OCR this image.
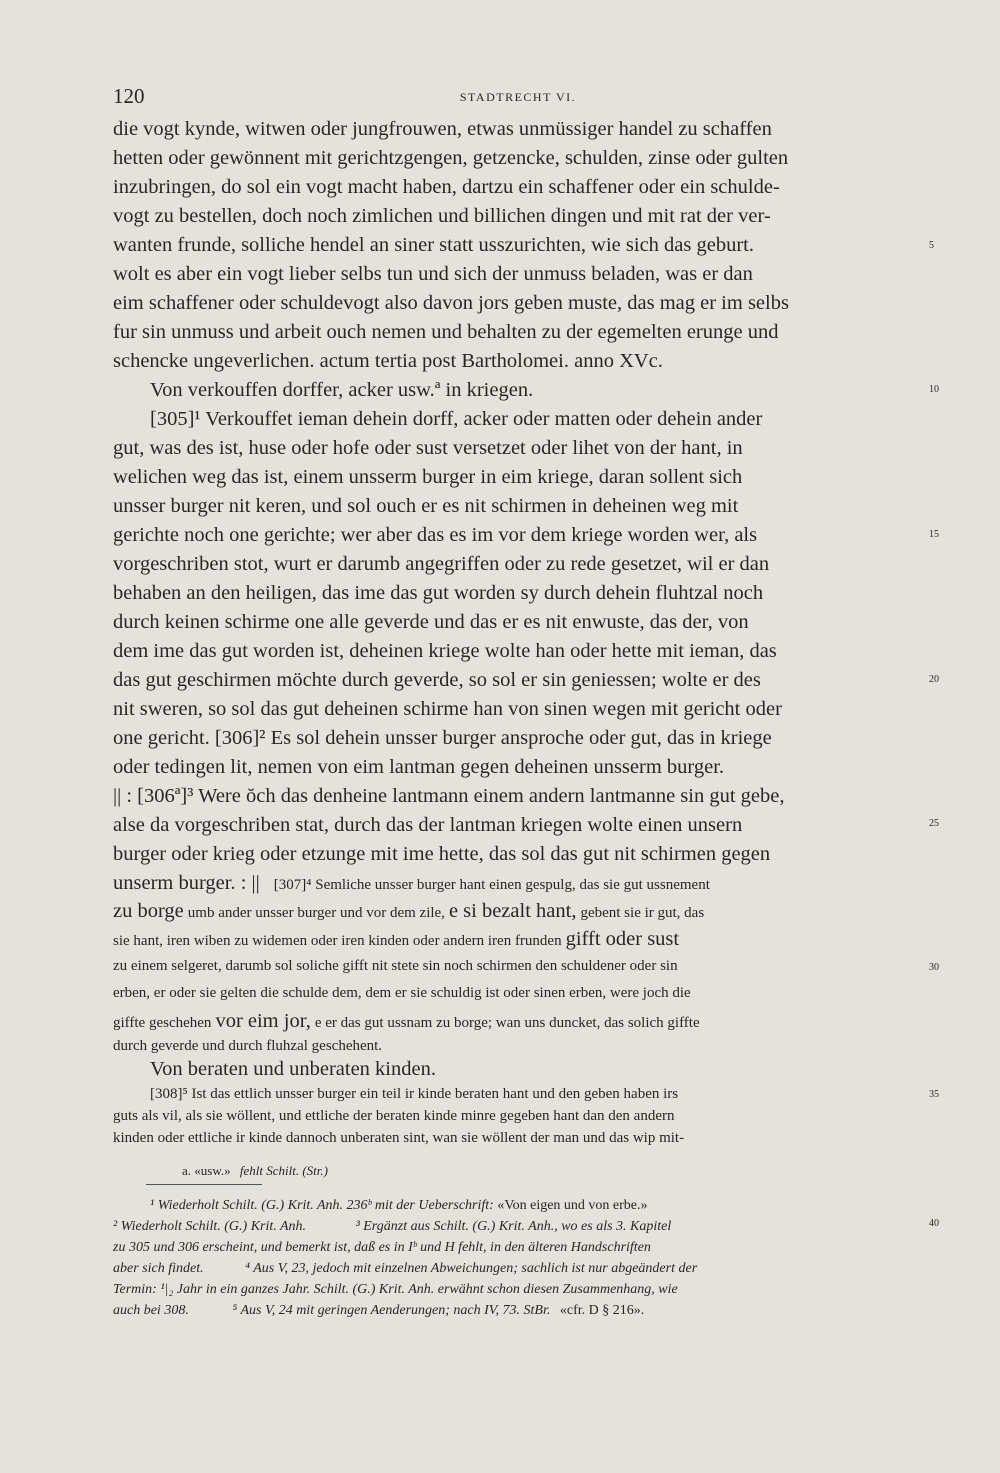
120	STADTRECHT VI.
die vogt kynde, witwen oder jungfrouwen, etwas unmüssiger handel zu schaffen
hetten oder gewönnent mit gerichtzgengen, getzencke, schulden, zinse oder gulten
inzubringen, do sol ein vogt macht haben, dartzu ein schaffener oder ein schulde-
vogt zu bestellen, doch noch zimlichen und billichen dingen und mit rat der ver-
wanten frunde, solliche hendel an siner statt usszurichten, wie sich das geburt.
wolt es aber ein vogt lieber selbs tun und sich der unmuss beladen, was er dan
eim schaffener oder schuldevogt also davon jors geben muste, das mag er im selbs
fur sin unmuss und arbeit ouch nemen und behalten zu der egemelten erunge und
schencke ungeverlichen. actum tertia post Bartholomei. anno XVc.
Von verkouffen dorffer, acker usw.ª in kriegen.
[305]¹ Verkouffet ieman dehein dorff, acker oder matten oder dehein ander
gut, was des ist, huse oder hofe oder sust versetzet oder lihet von der hant, in
welichen weg das ist, einem unsserm burger in eim kriege, daran sollent sich
unsser burger nit keren, und sol ouch er es nit schirmen in deheinen weg mit
gerichte noch one gerichte; wer aber das es im vor dem kriege worden wer, als
vorgeschriben stot, wurt er darumb angegriffen oder zu rede gesetzet, wil er dan
behaben an den heiligen, das ime das gut worden sy durch dehein fluhtzal noch
durch keinen schirme one alle geverde und das er es nit enwuste, das der, von
dem ime das gut worden ist, deheinen kriege wolte han oder hette mit ieman, das
das gut geschirmen möchte durch geverde, so sol er sin geniessen; wolte er des
nit sweren, so sol das gut deheinen schirme han von sinen wegen mit gericht oder
one gericht. [306]² Es sol dehein unsser burger ansproche oder gut, das in kriege
oder tedingen lit, nemen von eim lantman gegen deheinen unsserm burger.
|| : [306ª]³ Were ŏch das denheine lantmann einem andern lantmanne sin gut gebe,
alse da vorgeschriben stat, durch das der lantman kriegen wolte einen unsern
burger oder krieg oder etzunge mit ime hette, das sol das gut nit schirmen gegen
unserm burger. : || [307]⁴ Semliche unsser burger hant einen gespulg, das sie gut ussnement
zu borge umb ander unsser burger und vor dem zile, e si bezalt hant, gebent sie ir gut, das
sie hant, iren wiben zu widemen oder iren kinden oder andern iren frunden gifft oder sust
zu einem selgeret, darumb sol soliche gifft nit stete sin noch schirmen den schuldener oder sin
erben, er oder sie gelten die schulde dem, dem er sie schuldig ist oder sinen erben, were joch die
giffte geschehen vor eim jor, e er das gut ussnam zu borge; wan uns duncket, das solich giffte
durch geverde und durch fluhzal geschehent.
Von beraten und unberaten kinden.
[308]⁵ Ist das ettlich unsser burger ein teil ir kinde beraten hant und den geben haben irs
guts als vil, als sie wöllent, und ettliche der beraten kinde minre gegeben hant dan den andern
kinden oder ettliche ir kinde dannoch unberaten sint, wan sie wöllent der man und das wip mit-
a. «usw.» fehlt Schilt. (Str.)
¹ Wiederholt Schilt. (G.) Krit. Anh. 236ᵇ mit der Ueberschrift: «Von eigen und von erbe.»
² Wiederholt Schilt. (G.) Krit. Anh.	³ Ergänzt aus Schilt. (G.) Krit. Anh., wo es als 3. Kapitel
zu 305 und 306 erscheint, und bemerkt ist, daß es in Iᵇ und H fehlt, in den älteren Handschriften
aber sich findet.	⁴ Aus V, 23, jedoch mit einzelnen Abweichungen; sachlich ist nur abgeändert der
Termin: ¹|₂ Jahr in ein ganzes Jahr. Schilt. (G.) Krit. Anh. erwähnt schon diesen Zusammenhang, wie
auch bei 308.	⁵ Aus V, 24 mit geringen Aenderungen; nach IV, 73. StBr. «cfr. D § 216».
5
10
15
20
25
30
35
40
